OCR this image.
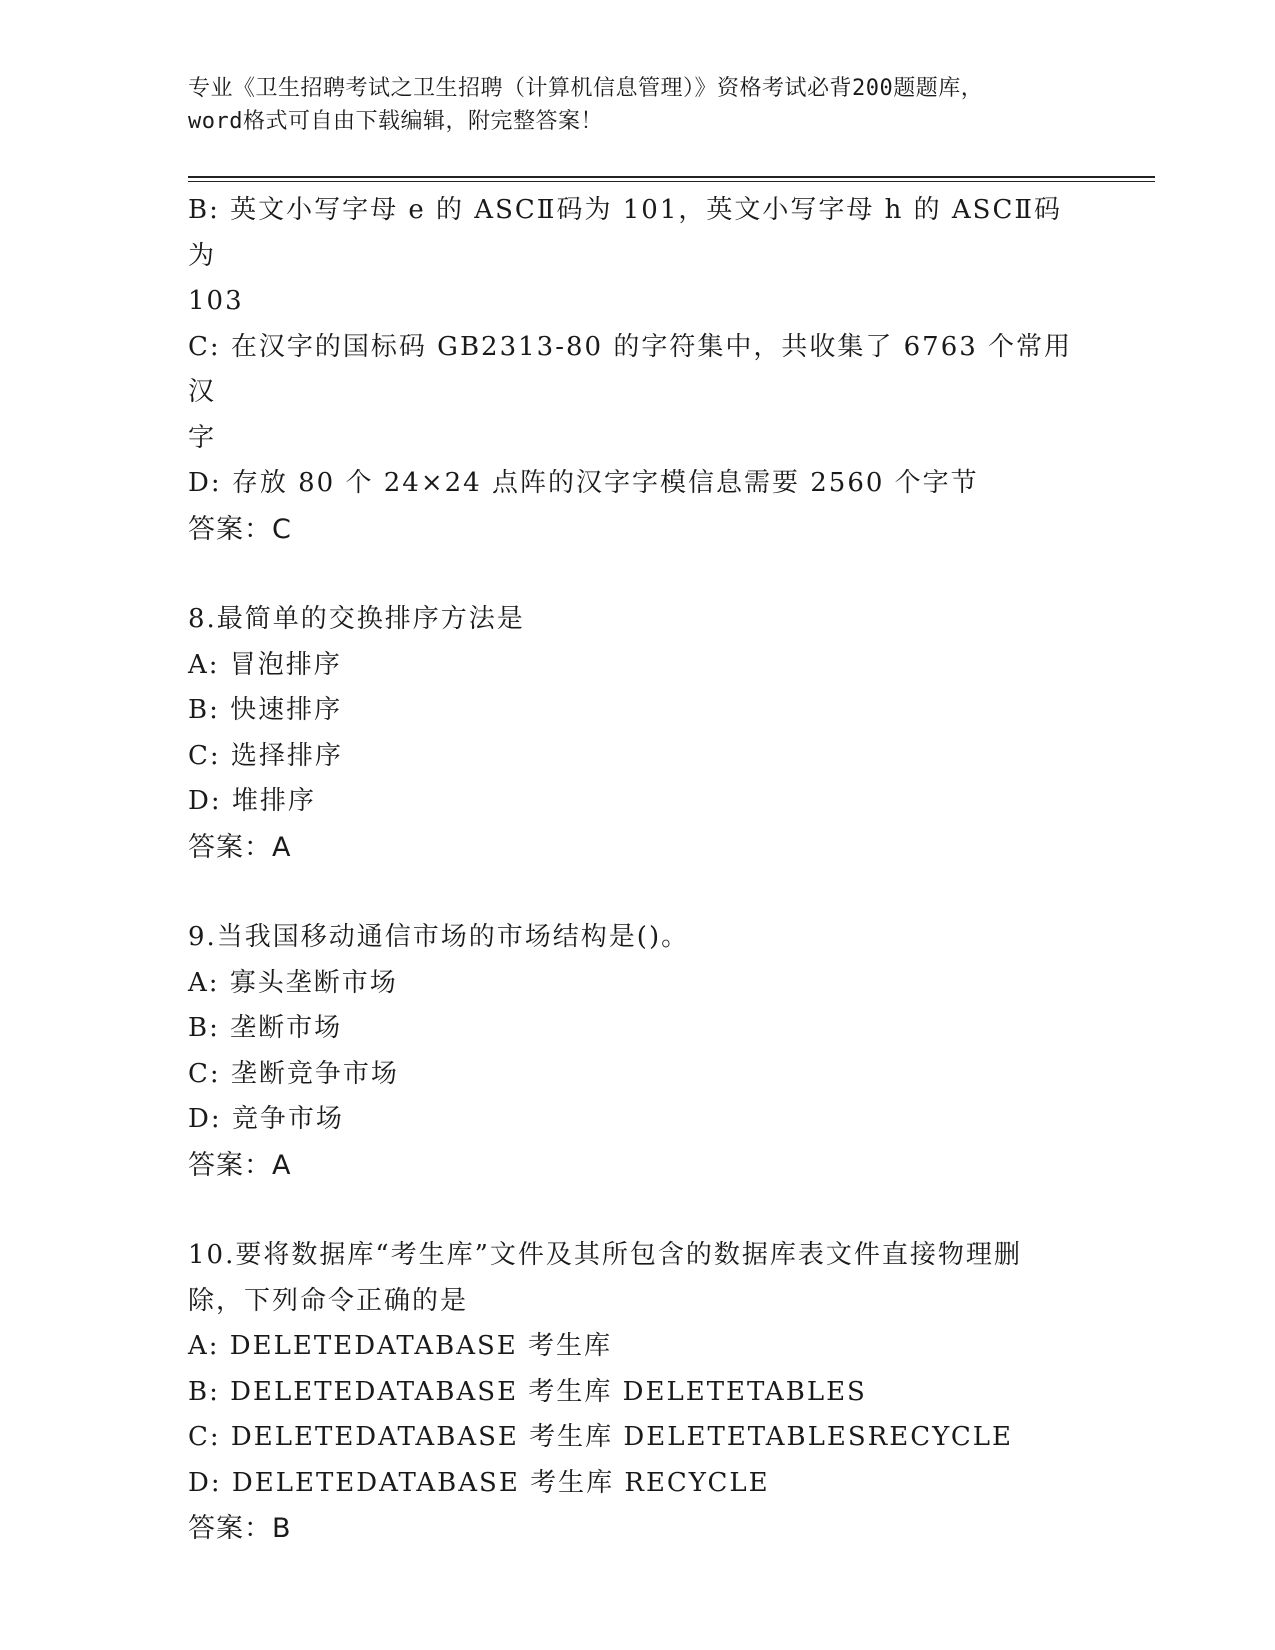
专业《卫生招聘考试之卫生招聘（计算机信息管理）》资格考试必背200题题库，
word格式可自由下载编辑，附完整答案！
B: 英文小写字母 e 的 ASCⅡ码为 101，英文小写字母 h 的 ASCⅡ码为
103
C: 在汉字的国标码 GB2313-80 的字符集中，共收集了 6763 个常用汉
字
D: 存放 80 个 24×24 点阵的汉字字模信息需要 2560 个字节
答案：C
8.最简单的交换排序方法是
A: 冒泡排序
B: 快速排序
C: 选择排序
D: 堆排序
答案：A
9.当我国移动通信市场的市场结构是()。
A: 寡头垄断市场
B: 垄断市场
C: 垄断竞争市场
D: 竞争市场
答案：A
10.要将数据库“考生库”文件及其所包含的数据库表文件直接物理删
除，下列命令正确的是
A: DELETEDATABASE 考生库
B: DELETEDATABASE 考生库 DELETETABLES
C: DELETEDATABASE 考生库 DELETETABLESRECYCLE
D: DELETEDATABASE 考生库 RECYCLE
答案：B
